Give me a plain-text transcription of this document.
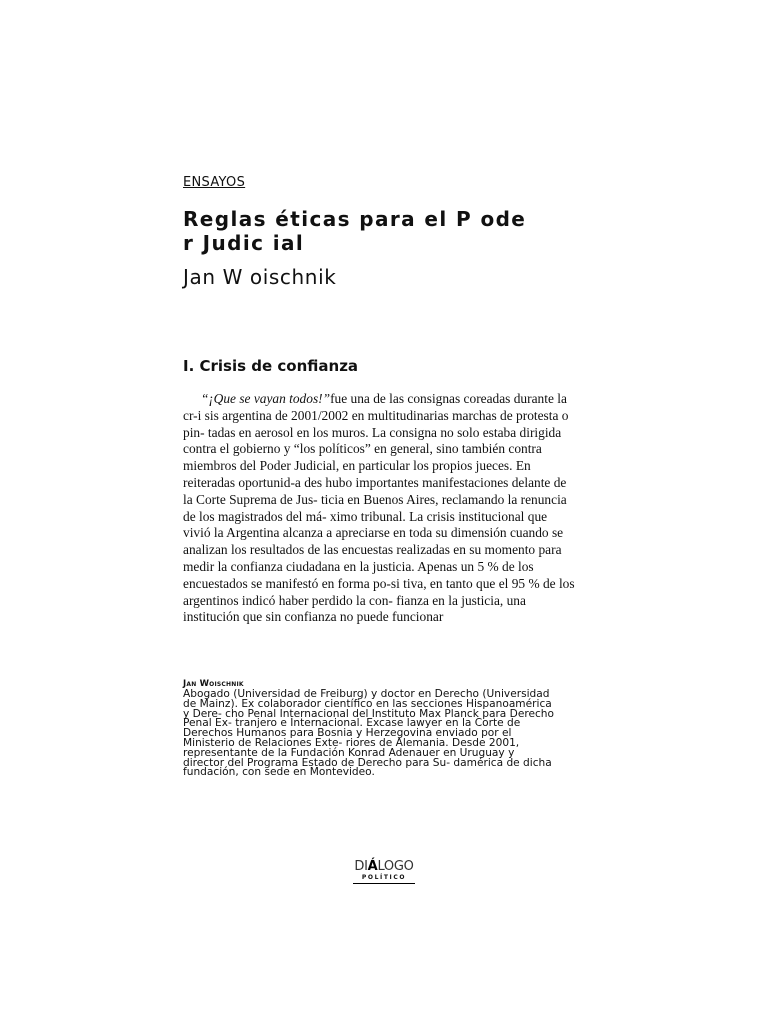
ENSAYOS
Reglas éticas para el P ode
r Judic ial
Jan W oischnik
I. Crisis de confianza
“¡Que se vayan todos!”fue una de las consignas coreadas durante la
cr-i sis argentina de 2001/2002 en multitudinarias marchas de protesta o
pin- tadas en aerosol en los muros. La consigna no solo estaba dirigida
contra el gobierno y “los políticos” en general, sino también contra
miembros del Poder Judicial, en particular los propios jueces. En
reiteradas oportunid-a des hubo importantes manifestaciones delante de
la Corte Suprema de Jus- ticia en Buenos Aires, reclamando la renuncia
de los magistrados del má- ximo tribunal. La crisis institucional que
vivió la Argentina alcanza a apreciarse en toda su dimensión cuando se
analizan los resultados de las encuestas realizadas en su momento para
medir la confianza ciudadana en la justicia. Apenas un 5 % de los
encuestados se manifestó en forma po-si tiva, en tanto que el 95 % de los
argentinos indicó haber perdido la con- fianza en la justicia, una
institución que sin confianza no puede funcionar
Jan Woischnik
Abogado (Universidad de Freiburg) y doctor en Derecho (Universidad
de Mainz). Ex colaborador científico en las secciones Hispanoamérica
y Dere- cho Penal Internacional del Instituto Max Planck para Derecho
Penal Ex- tranjero e Internacional. Excase lawyer en la Corte de
Derechos Humanos para Bosnia y Herzegovina enviado por el
Ministerio de Relaciones Exte- riores de Alemania. Desde 2001,
representante de la Fundación Konrad Adenauer en Uruguay y
director del Programa Estado de Derecho para Su- damérica de dicha
fundación, con sede en Montevideo.
DIÁLOGO
POLÍTICO
